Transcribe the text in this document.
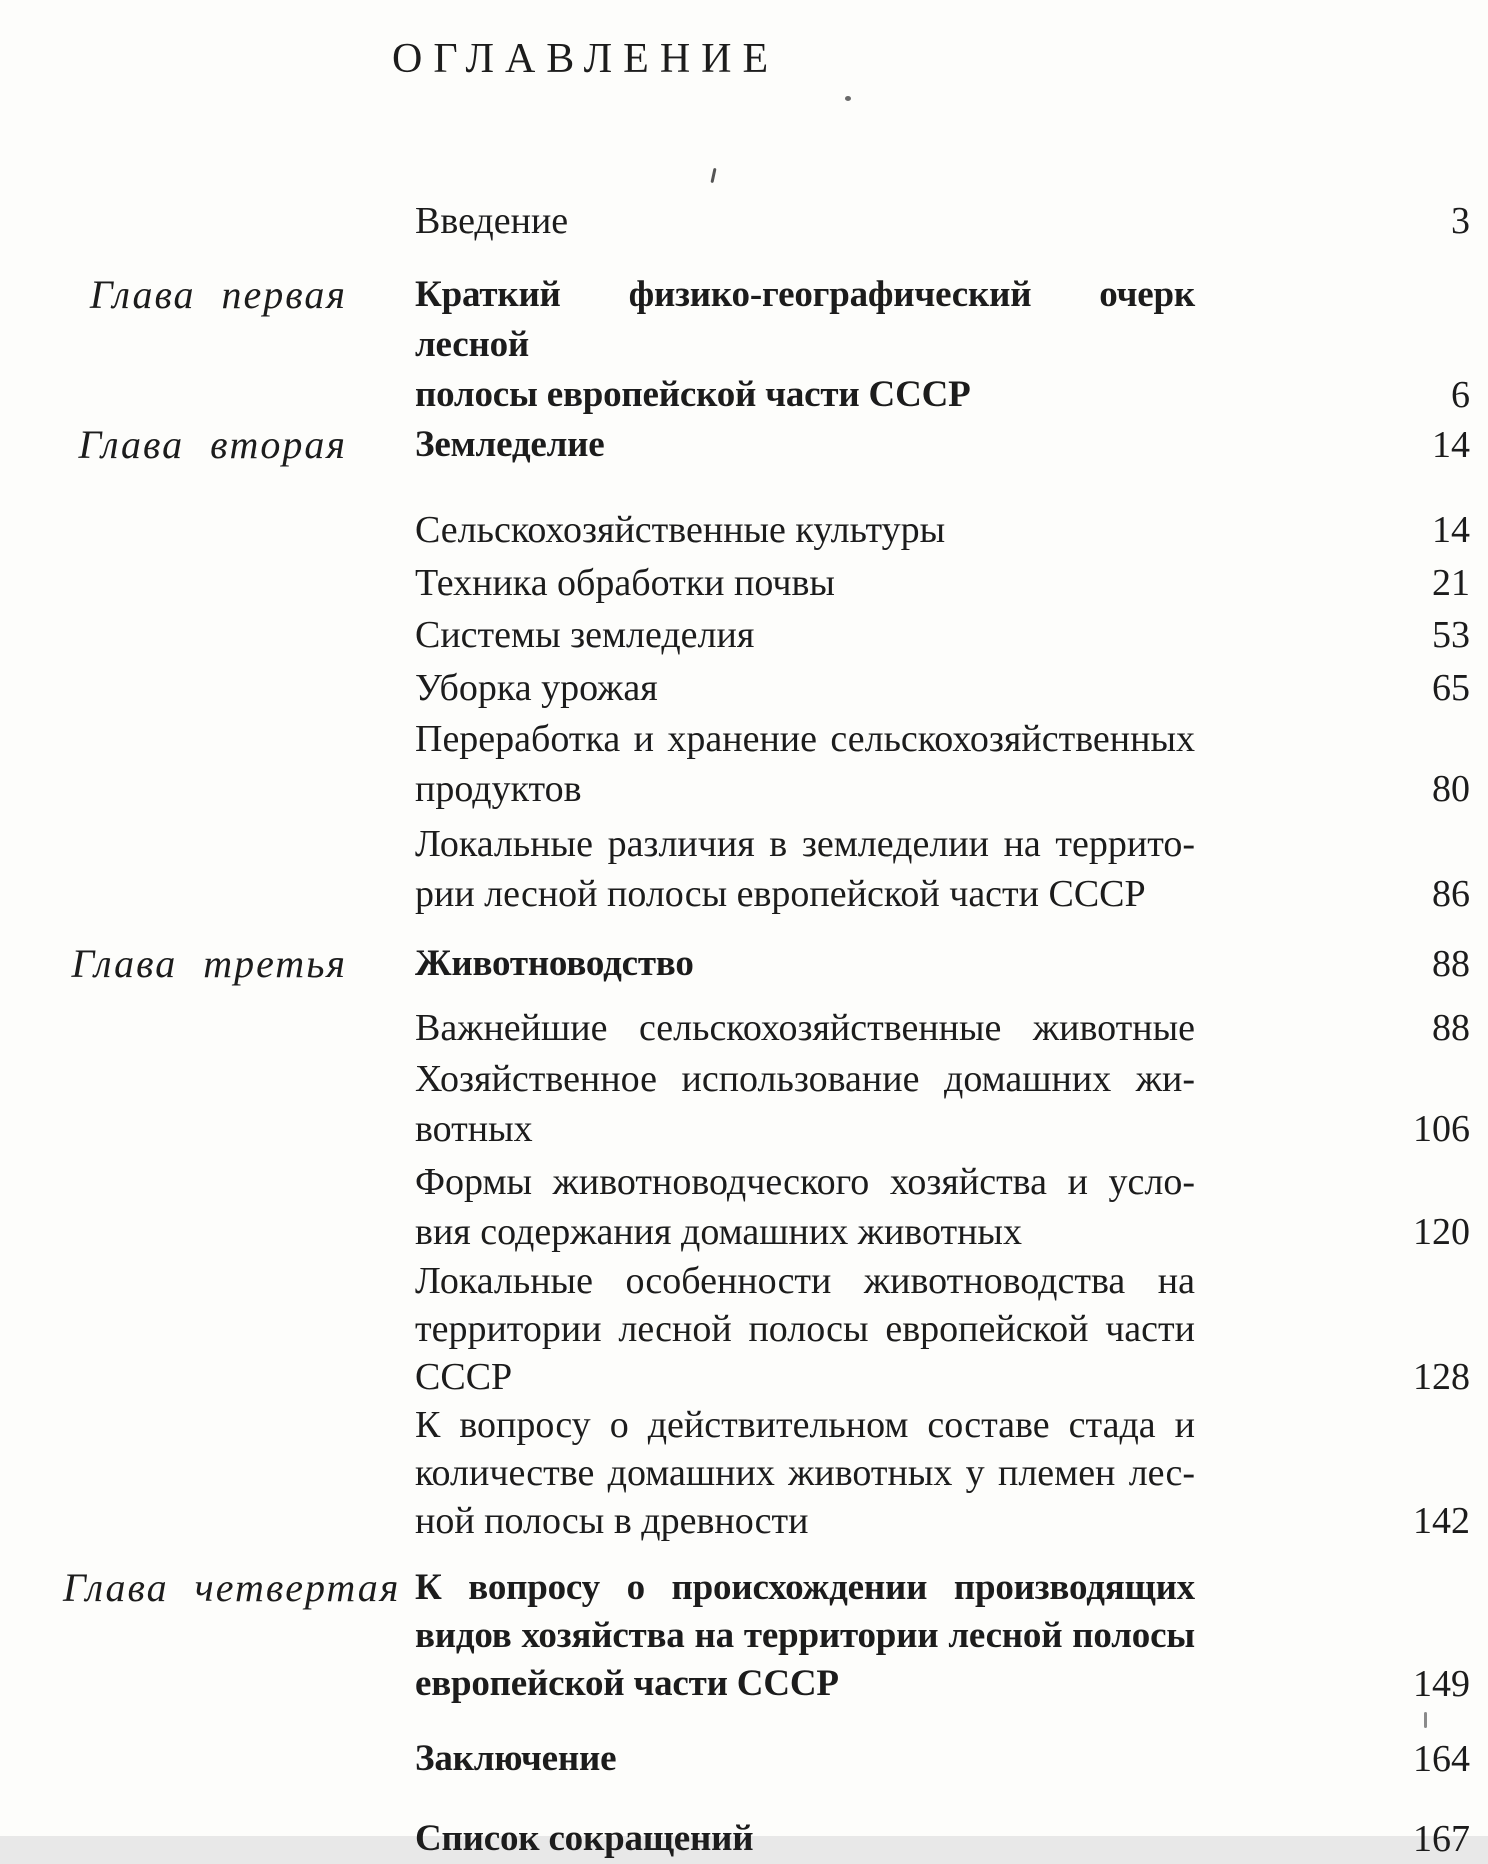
ОГЛАВЛЕНИЕ
Введение	3
Глава первая	Краткий физико-географический очерк лесной
полосы европейской части СССР	6
Глава вторая	Земледелие	14
Сельскохозяйственные культуры	14
Техника обработки почвы	21
Системы земледелия	53
Уборка урожая	65
Переработка и хранение сельскохозяйственных
продуктов	80
Локальные различия в земледелии на террито-
рии лесной полосы европейской части СССР	86
Глава третья	Животноводство	88
Важнейшие сельскохозяйственные животные	88
Хозяйственное использование домашних жи-
вотных	106
Формы животноводческого хозяйства и усло-
вия содержания домашних животных	120
Локальные особенности животноводства на
территории лесной полосы европейской части
СССР	128
К вопросу о действительном составе стада и
количестве домашних животных у племен лес-
ной полосы в древности	142
Глава четвертая К вопросу о происхождении производящих
видов хозяйства на территории лесной полосы
европейской части СССР	149
Заключение	164
Список сокращений	167
